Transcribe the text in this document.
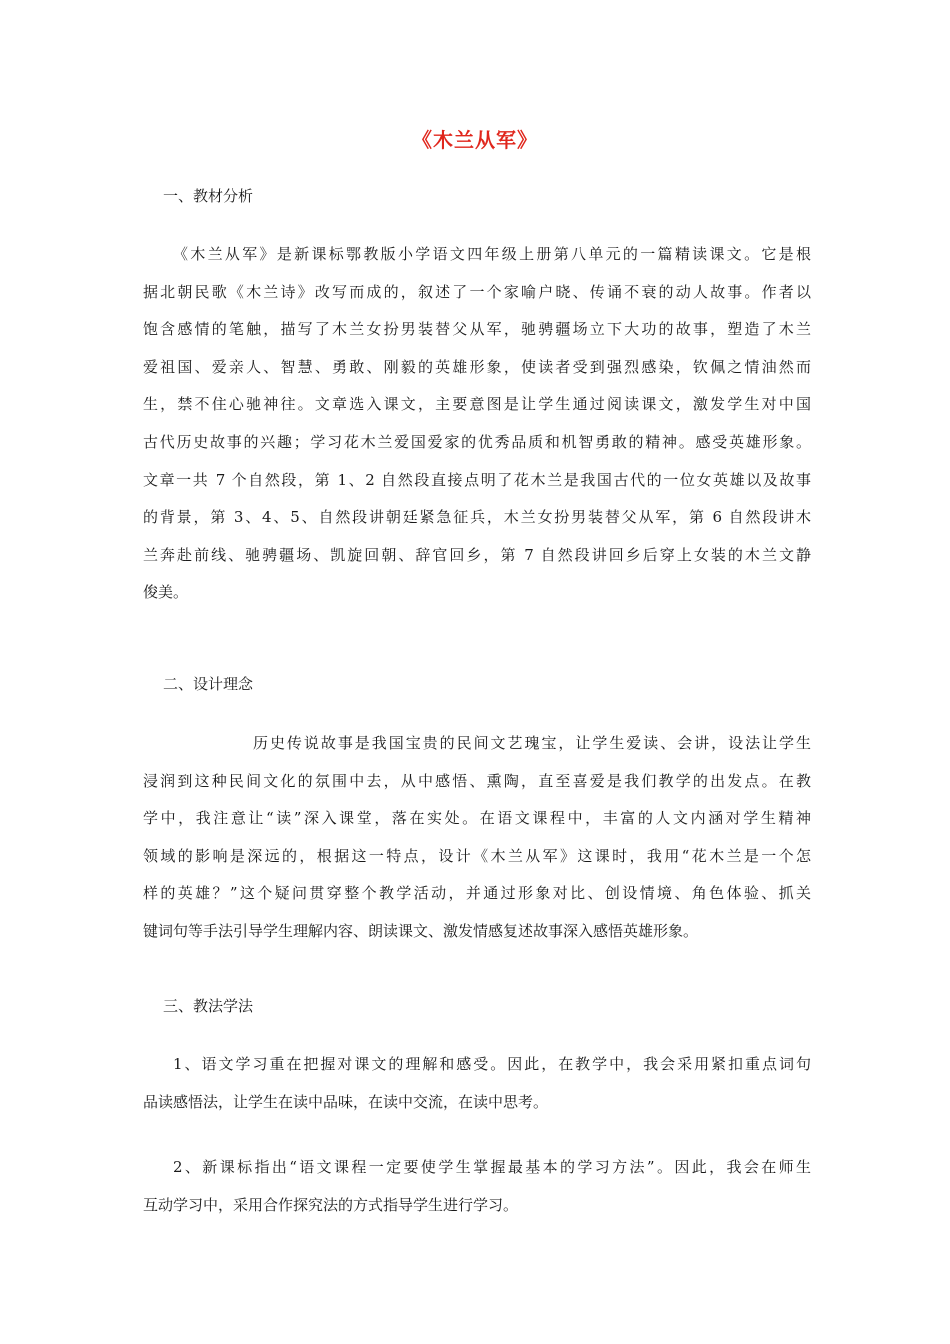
《木兰从军》
一、教材分析
《木兰从军》是新课标鄂教版小学语文四年级上册第八单元的一篇精读课文。它是根
据北朝民歌《木兰诗》改写而成的，叙述了一个家喻户晓、传诵不衰的动人故事。作者以
饱含感情的笔触，描写了木兰女扮男装替父从军，驰骋疆场立下大功的故事，塑造了木兰
爱祖国、爱亲人、智慧、勇敢、刚毅的英雄形象，使读者受到强烈感染，钦佩之情油然而
生，禁不住心驰神往。文章选入课文，主要意图是让学生通过阅读课文，激发学生对中国
古代历史故事的兴趣；学习花木兰爱国爱家的优秀品质和机智勇敢的精神。感受英雄形象。
文章一共 7 个自然段，第 1、2 自然段直接点明了花木兰是我国古代的一位女英雄以及故事
的背景，第 3、4、5、自然段讲朝廷紧急征兵，木兰女扮男装替父从军，第 6 自然段讲木
兰奔赴前线、驰骋疆场、凯旋回朝、辞官回乡，第 7 自然段讲回乡后穿上女装的木兰文静
俊美。
二、设计理念
历史传说故事是我国宝贵的民间文艺瑰宝，让学生爱读、会讲，设法让学生
浸润到这种民间文化的氛围中去，从中感悟、熏陶，直至喜爱是我们教学的出发点。在教
学中，我注意让“读”深入课堂，落在实处。在语文课程中，丰富的人文内涵对学生精神
领域的影响是深远的，根据这一特点，设计《木兰从军》这课时，我用“花木兰是一个怎
样的英雄？”这个疑问贯穿整个教学活动，并通过形象对比、创设情境、角色体验、抓关
键词句等手法引导学生理解内容、朗读课文、激发情感复述故事深入感悟英雄形象。
三、教法学法
1、语文学习重在把握对课文的理解和感受。因此，在教学中，我会采用紧扣重点词句
品读感悟法，让学生在读中品味，在读中交流，在读中思考。
2、新课标指出“语文课程一定要使学生掌握最基本的学习方法”。因此，我会在师生
互动学习中，采用合作探究法的方式指导学生进行学习。
